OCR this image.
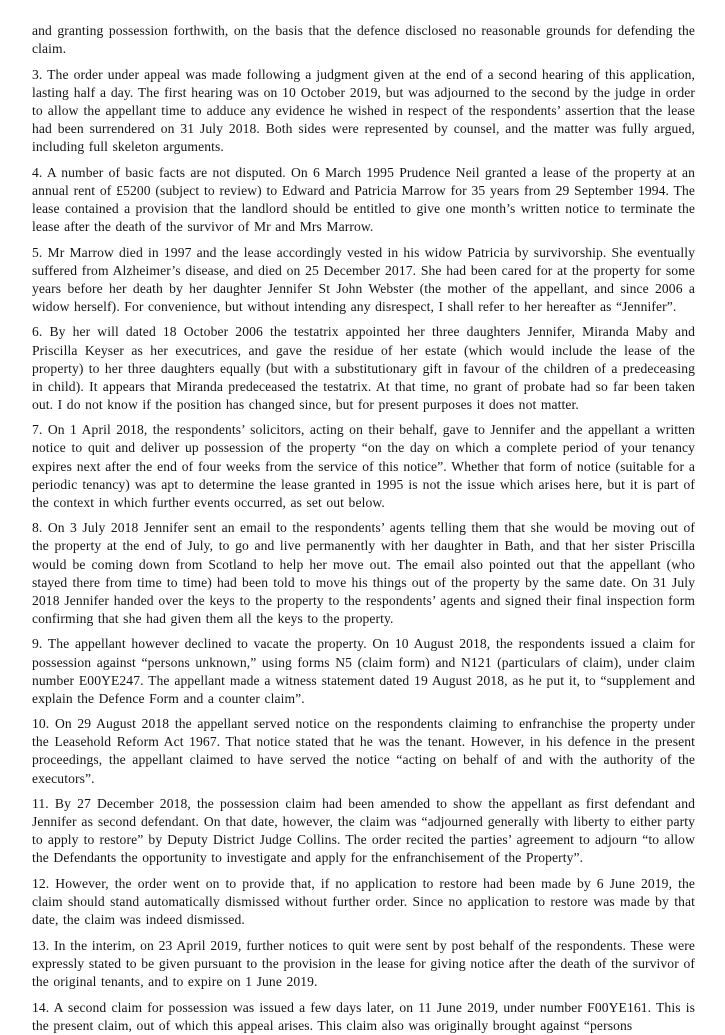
and granting possession forthwith, on the basis that the defence disclosed no reasonable grounds for defending the claim.

3. The order under appeal was made following a judgment given at the end of a second hearing of this application, lasting half a day. The first hearing was on 10 October 2019, but was adjourned to the second by the judge in order to allow the appellant time to adduce any evidence he wished in respect of the respondents’ assertion that the lease had been surrendered on 31 July 2018. Both sides were represented by counsel, and the matter was fully argued, including full skeleton arguments.

4. A number of basic facts are not disputed. On 6 March 1995 Prudence Neil granted a lease of the property at an annual rent of £5200 (subject to review) to Edward and Patricia Marrow for 35 years from 29 September 1994. The lease contained a provision that the landlord should be entitled to give one month’s written notice to terminate the lease after the death of the survivor of Mr and Mrs Marrow.

5. Mr Marrow died in 1997 and the lease accordingly vested in his widow Patricia by survivorship. She eventually suffered from Alzheimer’s disease, and died on 25 December 2017. She had been cared for at the property for some years before her death by her daughter Jennifer St John Webster (the mother of the appellant, and since 2006 a widow herself). For convenience, but without intending any disrespect, I shall refer to her hereafter as “Jennifer”.

6. By her will dated 18 October 2006 the testatrix appointed her three daughters Jennifer, Miranda Maby and Priscilla Keyser as her executrices, and gave the residue of her estate (which would include the lease of the property) to her three daughters equally (but with a substitutionary gift in favour of the children of a predeceasing in child). It appears that Miranda predeceased the testatrix. At that time, no grant of probate had so far been taken out. I do not know if the position has changed since, but for present purposes it does not matter.

7. On 1 April 2018, the respondents’ solicitors, acting on their behalf, gave to Jennifer and the appellant a written notice to quit and deliver up possession of the property “on the day on which a complete period of your tenancy expires next after the end of four weeks from the service of this notice”. Whether that form of notice (suitable for a periodic tenancy) was apt to determine the lease granted in 1995 is not the issue which arises here, but it is part of the context in which further events occurred, as set out below.

8. On 3 July 2018 Jennifer sent an email to the respondents’ agents telling them that she would be moving out of the property at the end of July, to go and live permanently with her daughter in Bath, and that her sister Priscilla would be coming down from Scotland to help her move out. The email also pointed out that the appellant (who stayed there from time to time) had been told to move his things out of the property by the same date. On 31 July 2018 Jennifer handed over the keys to the property to the respondents’ agents and signed their final inspection form confirming that she had given them all the keys to the property.

9. The appellant however declined to vacate the property. On 10 August 2018, the respondents issued a claim for possession against “persons unknown,” using forms N5 (claim form) and N121 (particulars of claim), under claim number E00YE247. The appellant made a witness statement dated 19 August 2018, as he put it, to “supplement and explain the Defence Form and a counter claim”.

10. On 29 August 2018 the appellant served notice on the respondents claiming to enfranchise the property under the Leasehold Reform Act 1967. That notice stated that he was the tenant. However, in his defence in the present proceedings, the appellant claimed to have served the notice “acting on behalf of and with the authority of the executors”.

11. By 27 December 2018, the possession claim had been amended to show the appellant as first defendant and Jennifer as second defendant. On that date, however, the claim was “adjourned generally with liberty to either party to apply to restore” by Deputy District Judge Collins. The order recited the parties’ agreement to adjourn “to allow the Defendants the opportunity to investigate and apply for the enfranchisement of the Property”.

12. However, the order went on to provide that, if no application to restore had been made by 6 June 2019, the claim should stand automatically dismissed without further order. Since no application to restore was made by that date, the claim was indeed dismissed.

13. In the interim, on 23 April 2019, further notices to quit were sent by post behalf of the respondents. These were expressly stated to be given pursuant to the provision in the lease for giving notice after the death of the survivor of the original tenants, and to expire on 1 June 2019.

14. A second claim for possession was issued a few days later, on 11 June 2019, under number F00YE161. This is the present claim, out of which this appeal arises. This claim also was originally brought against “persons
